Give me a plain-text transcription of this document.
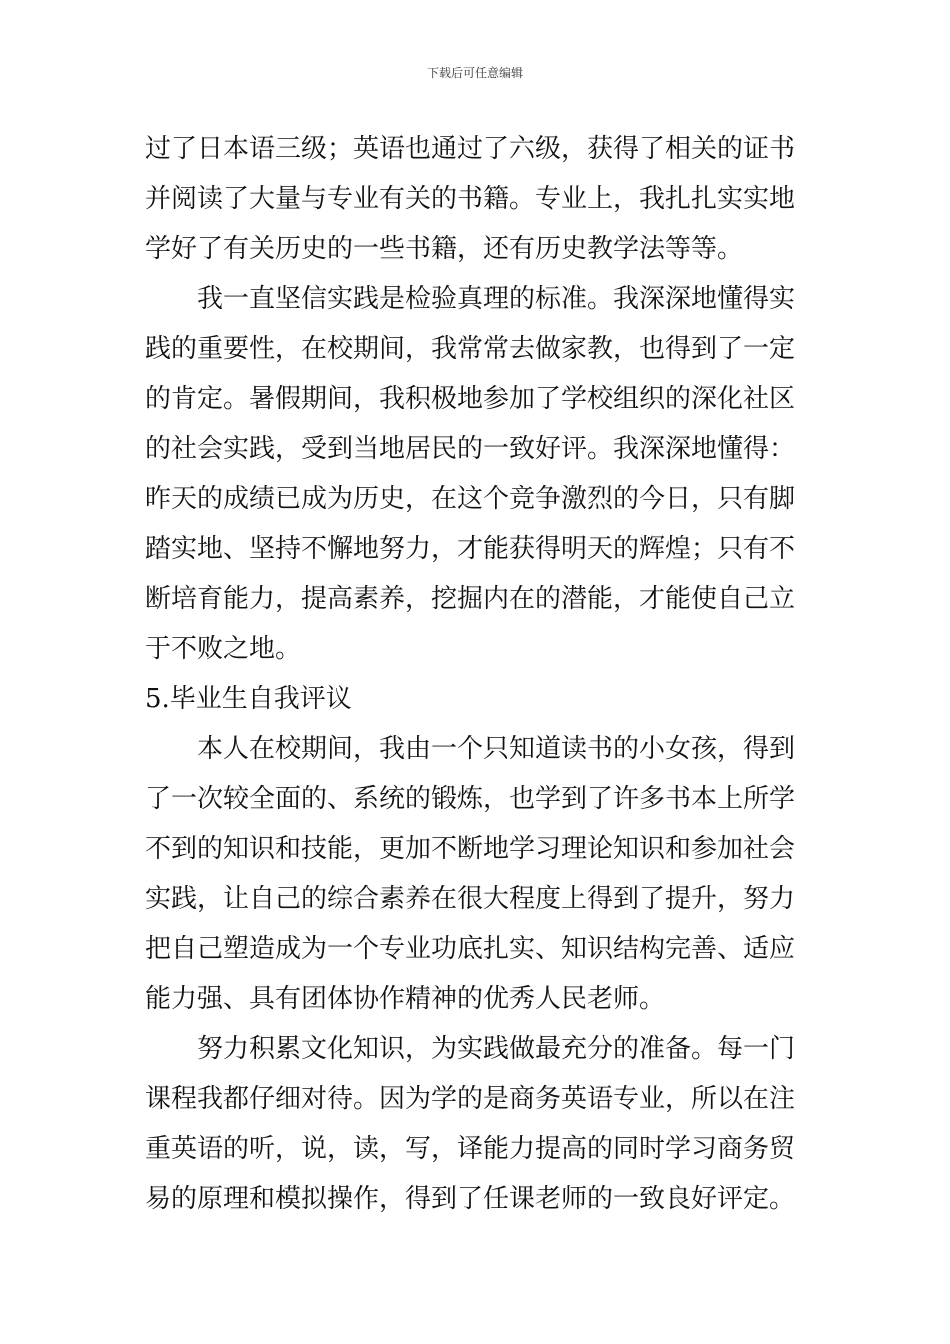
下载后可任意编辑
过了日本语三级；英语也通过了六级，获得了相关的证书
并阅读了大量与专业有关的书籍。专业上，我扎扎实实地
学好了有关历史的一些书籍，还有历史教学法等等。
我一直坚信实践是检验真理的标准。我深深地懂得实
践的重要性，在校期间，我常常去做家教，也得到了一定
的肯定。暑假期间，我积极地参加了学校组织的深化社区
的社会实践，受到当地居民的一致好评。我深深地懂得：
昨天的成绩已成为历史，在这个竞争激烈的今日，只有脚
踏实地、坚持不懈地努力，才能获得明天的辉煌；只有不
断培育能力，提高素养，挖掘内在的潜能，才能使自己立
于不败之地。
5.毕业生自我评议
本人在校期间，我由一个只知道读书的小女孩，得到
了一次较全面的、系统的锻炼，也学到了许多书本上所学
不到的知识和技能，更加不断地学习理论知识和参加社会
实践，让自己的综合素养在很大程度上得到了提升，努力
把自己塑造成为一个专业功底扎实、知识结构完善、适应
能力强、具有团体协作精神的优秀人民老师。
努力积累文化知识，为实践做最充分的准备。每一门
课程我都仔细对待。因为学的是商务英语专业，所以在注
重英语的听，说，读，写，译能力提高的同时学习商务贸
易的原理和模拟操作，得到了任课老师的一致良好评定。
